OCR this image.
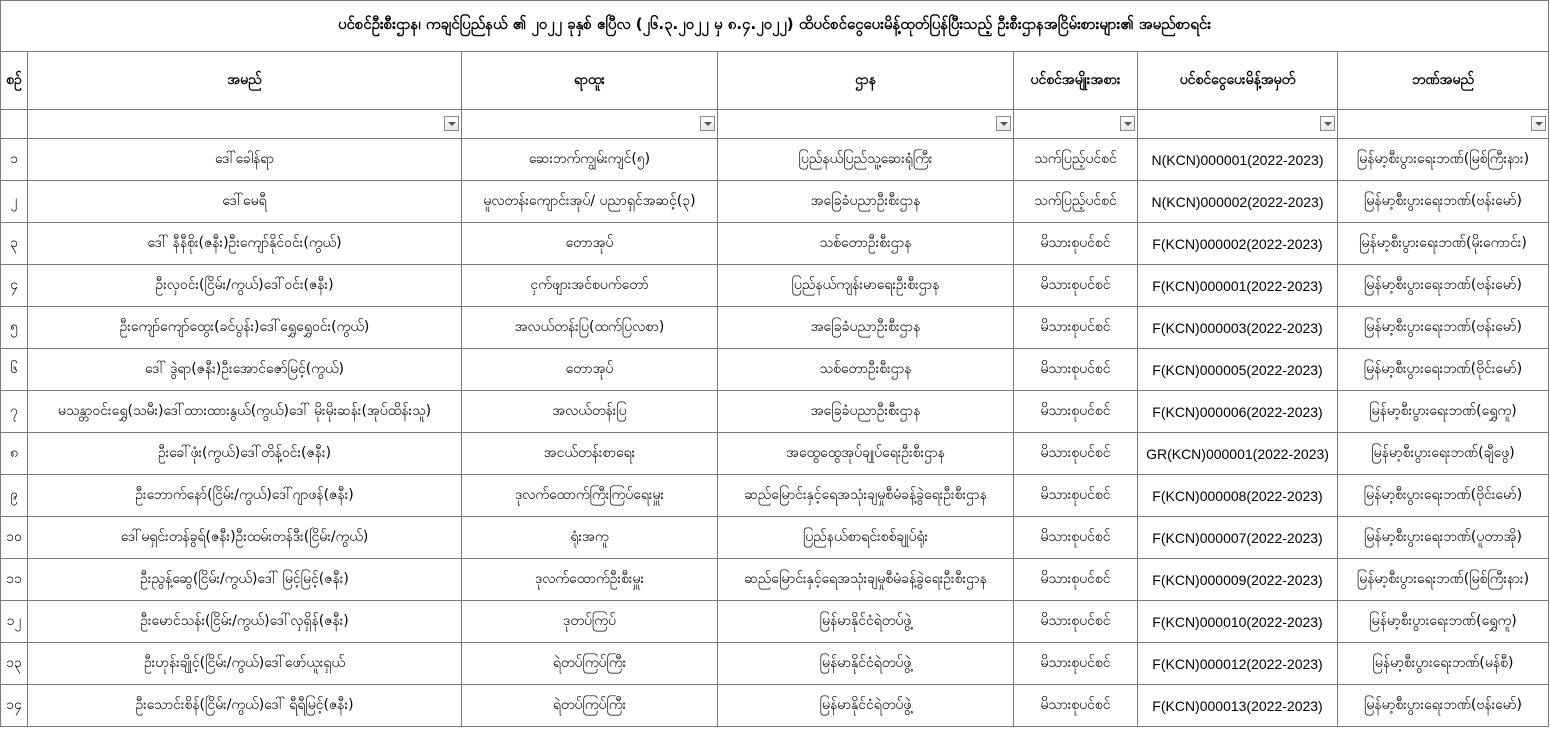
ပင်စင်ဦးစီးဌာန၊ ကချင်ပြည်နယ် ၏ ၂၀၂၂ ခုနှစ် ဧပြီလ (၂၆.၃.၂၀၂၂ မှ ၈.၄.၂၀၂၂) ထိပင်စင်ငွေပေးမိန့်ထုတ်ပြန်ပြီးသည့် ဦးစီးဌာနအငြိမ်းစားများ၏ အမည်စာရင်း						
စဉ်	အမည်	ရာထူး	ဌာန	ပင်စင်အမျိုးအစား	ပင်စင်ငွေပေးမိန့်အမှတ်	ဘဏ်အမည်

၁	ဒေါ်ခေါန်ရာ	ဆေးဘက်ကျွမ်းကျင်(၅)	ပြည်နယ်ပြည်သူ့ဆေးရုံကြီး	သက်ပြည့်ပင်စင်	N(KCN)000001(2022-2023)	မြန်မာ့စီးပွားရေးဘဏ်(မြစ်ကြီးနား)
၂	ဒေါ်မေရီ	မူလတန်းကျောင်းအုပ်/ ပညာရှင်အဆင့်(၃)	အခြေခံပညာဦးစီးဌာန	သက်ပြည့်ပင်စင်	N(KCN)000002(2022-2023)	မြန်မာ့စီးပွားရေးဘဏ်(ဗန်းမော်)
၃	ဒေါ် နီနီစိုး(ဇနီး)ဦးကျော်နိုင်ဝင်း(ကွယ်)	တောအုပ်	သစ်တောဦးစီးဌာန	မိသားစုပင်စင်	F(KCN)000002(2022-2023)	မြန်မာ့စီးပွားရေးဘဏ်(မိုးကောင်း)
၄	ဦးလှဝင်း(ငြိမ်း/ကွယ်)ဒေါ်ဝင်း(ဇနီး)	ငှက်ဖျားအင်စပက်တော်	ပြည်နယ်ကျန်းမာရေးဦးစီးဌာန	မိသားစုပင်စင်	F(KCN)000001(2022-2023)	မြန်မာ့စီးပွားရေးဘဏ်(ဗန်းမော်)
၅	ဦးကျော်ကျော်ထွေး(ခင်ပွန်း)ဒေါ်ရွှေရွှေဝင်း(ကွယ်)	အလယ်တန်းပြ(ထက်ပြလစာ)	အခြေခံပညာဦးစီးဌာန	မိသားစုပင်စင်	F(KCN)000003(2022-2023)	မြန်မာ့စီးပွားရေးဘဏ်(ဗန်းမော်)
၆	ဒေါ် ဒွဲရာ(ဇနီး)ဦးအောင်ဇော်မြင့်(ကွယ်)	တောအုပ်	သစ်တောဦးစီးဌာန	မိသားစုပင်စင်	F(KCN)000005(2022-2023)	မြန်မာ့စီးပွားရေးဘဏ်(ဗိုင်းမော်)
၇	မသန္တာဝင်းရွှေ(သမီး)ဒေါ်ထားထားနွယ်(ကွယ်)ဒေါ် မိုးမိုးဆန်း(အုပ်ထိန်းသူ)	အလယ်တန်းပြ	အခြေခံပညာဦးစီးဌာန	မိသားစုပင်စင်	F(KCN)000006(2022-2023)	မြန်မာ့စီးပွားရေးဘဏ်(ရွှေကူ)
၈	ဦးခေါ်ဖုံး(ကွယ်)ဒေါ်တိန့်ဝင်း(ဇနီး)	အငယ်တန်းစာရေး	အထွေထွေအုပ်ချုပ်ရေးဦးစီးဌာန	မိသားစုပင်စင်	GR(KCN)000001(2022-2023)	မြန်မာ့စီးပွားရေးဘဏ်(ချီဖွေ)
၉	ဦးဘောက်နော်(ငြိမ်း/ကွယ်)ဒေါ်ဂျာဖန်(ဇနီး)	ဒုလက်ထောက်ကြီးကြပ်ရေးမှူး	ဆည်မြောင်းနှင့်ရေအသုံးချမှုစီမံခန့်ခွဲရေးဦးစီးဌာန	မိသားစုပင်စင်	F(KCN)000008(2022-2023)	မြန်မာ့စီးပွားရေးဘဏ်(ဗိုင်းမော်)
၁၀	ဒေါ်မရှင်းတန်ခွရ်(ဇနီး)ဦးထမ်းတန်ဒီး(ငြိမ်း/ကွယ်)	ရုံးအကူ	ပြည်နယ်စာရင်းစစ်ချုပ်ရုံး	မိသားစုပင်စင်	F(KCN)000007(2022-2023)	မြန်မာ့စီးပွားရေးဘဏ်(ပူတာအို)
၁၁	ဦးညွန့်ဆွေ(ငြိမ်း/ကွယ်)ဒေါ် မြင့်မြင့်(ဇနီး)	ဒုလက်ထောက်ဦးစီးမှူး	ဆည်မြောင်းနှင့်ရေအသုံးချမှုစီမံခန့်ခွဲရေးဦးစီးဌာန	မိသားစုပင်စင်	F(KCN)000009(2022-2023)	မြန်မာ့စီးပွားရေးဘဏ်(မြစ်ကြီးနား)
၁၂	ဦးမောင်သန်း(ငြိမ်း/ကွယ်)ဒေါ်လှရှိန်(ဇနီး)	ဒုတပ်ကြပ်	မြန်မာနိုင်ငံရဲတပ်ဖွဲ့	မိသားစုပင်စင်	F(KCN)000010(2022-2023)	မြန်မာ့စီးပွားရေးဘဏ်(ရွှေကူ)
၁၃	ဦးဟုန်းချိုင့်(ငြိမ်း/ကွယ်)ဒေါ်ဖော်ယူးရှယ်	ရဲတပ်ကြပ်ကြီး	မြန်မာနိုင်ငံရဲတပ်ဖွဲ့	မိသားစုပင်စင်	F(KCN)000012(2022-2023)	မြန်မာ့စီးပွားရေးဘဏ်(မန်စီ)
၁၄	ဦးသောင်းစိန်(ငြိမ်း/ကွယ်)ဒေါ် ရီရီမြင့်(ဇနီး)	ရဲတပ်ကြပ်ကြီး	မြန်မာနိုင်ငံရဲတပ်ဖွဲ့	မိသားစုပင်စင်	F(KCN)000013(2022-2023)	မြန်မာ့စီးပွားရေးဘဏ်(ဗန်းမော်)
